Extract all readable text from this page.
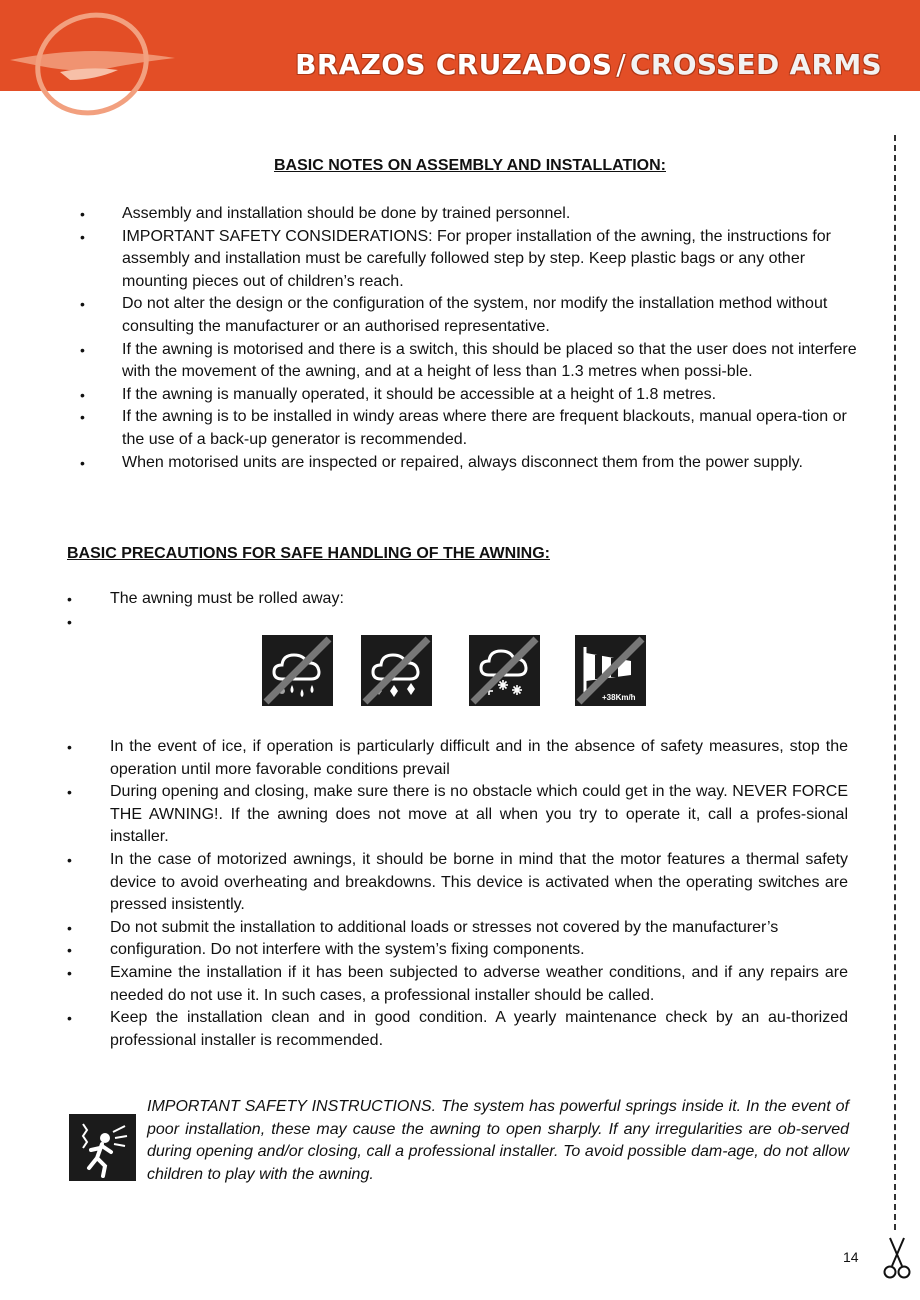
BRAZOS CRUZADOS / CROSSED ARMS
BASIC NOTES ON ASSEMBLY AND INSTALLATION:
• Assembly and installation should be done by trained personnel.
• IMPORTANT SAFETY CONSIDERATIONS: For proper installation of the awning, the instructions for assembly and installation must be carefully followed step by step. Keep plastic bags or any other mounting pieces out of children’s reach.
• Do not alter the design or the configuration of the system, nor modify the installation method without consulting the manufacturer or an authorised representative.
• If the awning is motorised and there is a switch, this should be placed so that the user does not interfere with the movement of the awning, and at a height of less than 1.3 metres when possi-ble.
• If the awning is manually operated, it should be accessible at a height of 1.8 metres.
• If the awning is to be installed in windy areas where there are frequent blackouts, manual opera-tion or the use of a back-up generator is recommended.
• When motorised units are inspected or repaired, always disconnect them from the power supply.
BASIC PRECAUTIONS FOR SAFE HANDLING OF THE AWNING:
• The awning must be rolled away:
•

+38Km/h
• In the event of ice, if operation is particularly difficult and in the absence of safety measures, stop the operation until more favorable conditions prevail
• During opening and closing, make sure there is no obstacle which could get in the way. NEVER FORCE THE AWNING!. If the awning does not move at all when you try to operate it, call a profes-sional installer.
• In the case of motorized awnings, it should be borne in mind that the motor features a thermal safety device to avoid overheating and breakdowns. This device is activated when the operating switches are pressed insistently.
• Do not submit the installation to additional loads or stresses not covered by the manufacturer’s
• configuration. Do not interfere with the system’s fixing components.
• Examine the installation if it has been subjected to adverse weather conditions, and if any repairs are needed do not use it. In such cases, a professional installer should be called.
• Keep the installation clean and in good condition. A yearly maintenance check by an au-thorized professional installer is recommended.
IMPORTANT SAFETY INSTRUCTIONS. The system has powerful springs inside it. In the event of poor installation, these may cause the awning to open sharply. If any irregularities are ob-served during opening and/or closing, call a professional installer. To avoid possible dam-age, do not allow children to play with the awning.
14
